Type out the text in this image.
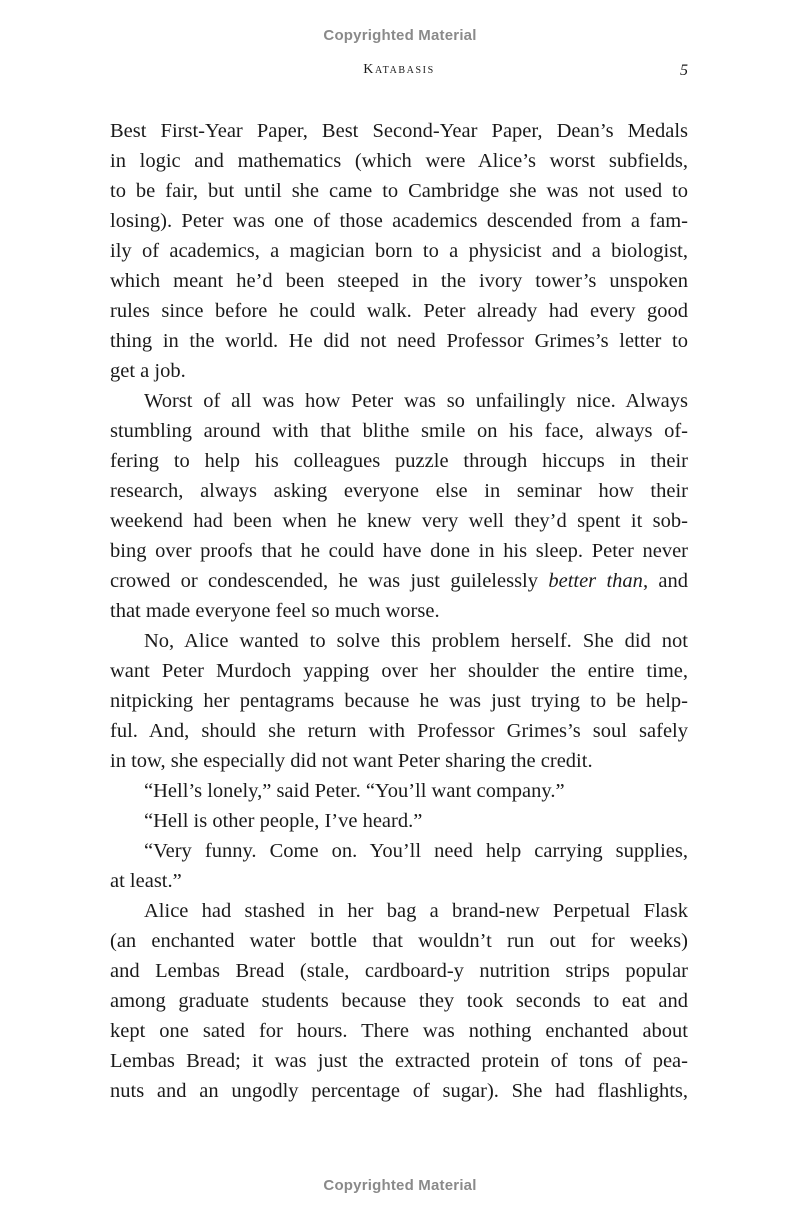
Copyrighted Material
Katabasis	5
Best First-Year Paper, Best Second-Year Paper, Dean’s Medals
in logic and mathematics (which were Alice’s worst subfields,
to be fair, but until she came to Cambridge she was not used to
losing). Peter was one of those academics descended from a fam-
ily of academics, a magician born to a physicist and a biologist,
which meant he’d been steeped in the ivory tower’s unspoken
rules since before he could walk. Peter already had every good
thing in the world. He did not need Professor Grimes’s letter to
get a job.
Worst of all was how Peter was so unfailingly nice. Always
stumbling around with that blithe smile on his face, always of-
fering to help his colleagues puzzle through hiccups in their
research, always asking everyone else in seminar how their
weekend had been when he knew very well they’d spent it sob-
bing over proofs that he could have done in his sleep. Peter never
crowed or condescended, he was just guilelessly better than, and
that made everyone feel so much worse.
No, Alice wanted to solve this problem herself. She did not
want Peter Murdoch yapping over her shoulder the entire time,
nitpicking her pentagrams because he was just trying to be help-
ful. And, should she return with Professor Grimes’s soul safely
in tow, she especially did not want Peter sharing the credit.
“Hell’s lonely,” said Peter. “You’ll want company.”
“Hell is other people, I’ve heard.”
“Very funny. Come on. You’ll need help carrying supplies,
at least.”
Alice had stashed in her bag a brand-new Perpetual Flask
(an enchanted water bottle that wouldn’t run out for weeks)
and Lembas Bread (stale, cardboard-y nutrition strips popular
among graduate students because they took seconds to eat and
kept one sated for hours. There was nothing enchanted about
Lembas Bread; it was just the extracted protein of tons of pea-
nuts and an ungodly percentage of sugar). She had flashlights,
Copyrighted Material
